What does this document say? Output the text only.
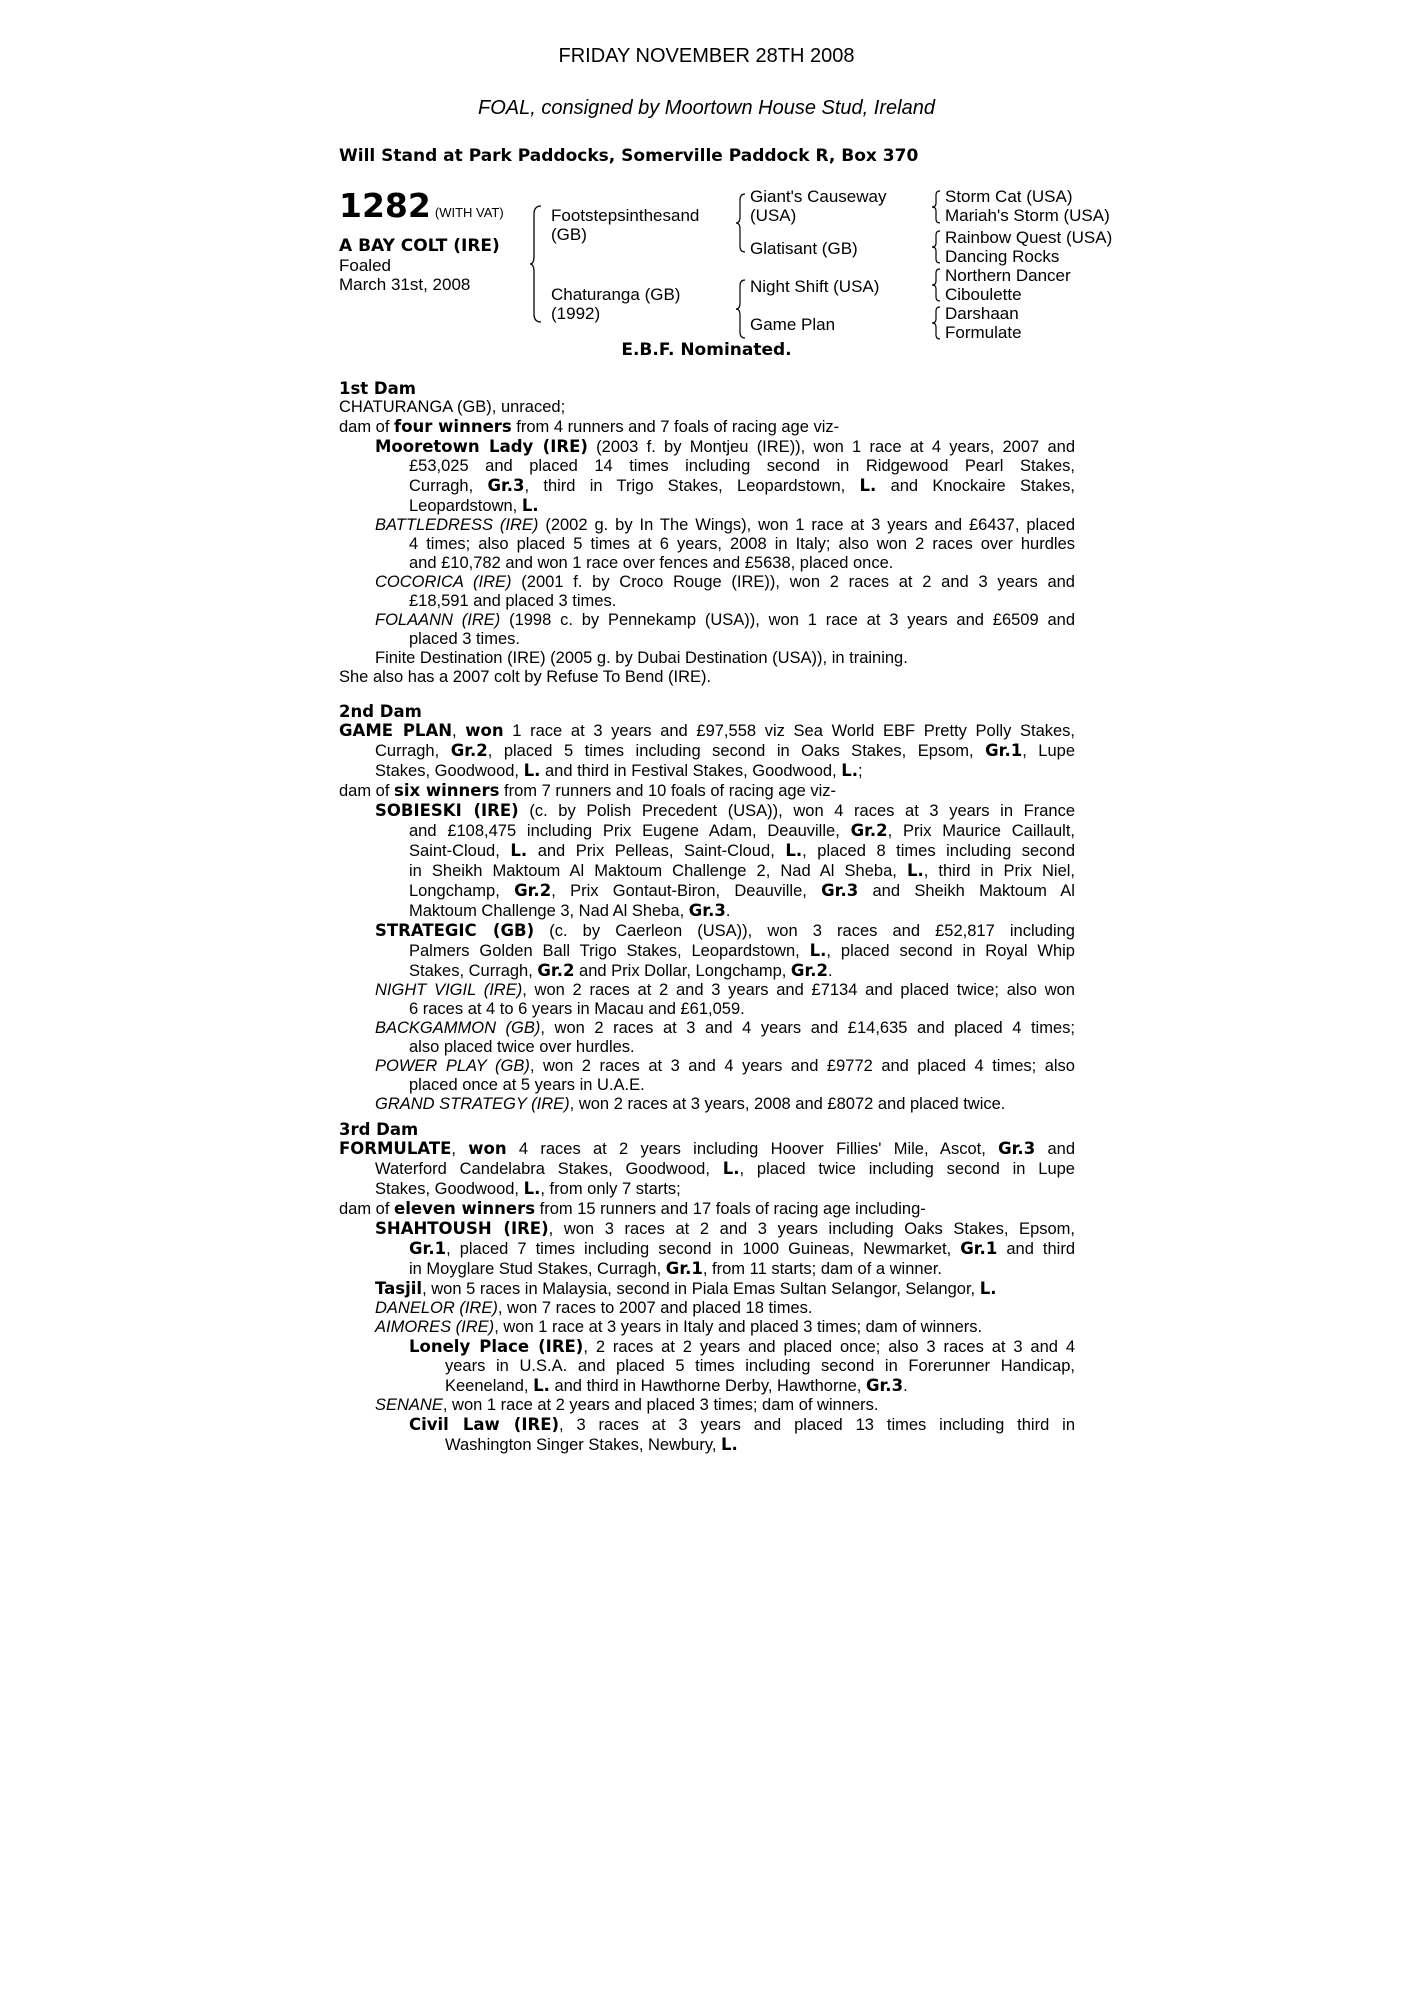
FRIDAY NOVEMBER 28TH 2008
FOAL, consigned by Moortown House Stud, Ireland
Will Stand at Park Paddocks, Somerville Paddock R, Box 370
1282 (WITH VAT)
A BAY COLT (IRE)
Foaled
March 31st, 2008
Footstepsinthesand
(GB)
Chaturanga (GB)
(1992)
Giant's Causeway
(USA)
Glatisant (GB)
Night Shift (USA)
Game Plan
Storm Cat (USA)
Mariah's Storm (USA)
Rainbow Quest (USA)
Dancing Rocks
Northern Dancer
Ciboulette
Darshaan
Formulate
E.B.F. Nominated.
1st Dam
CHATURANGA (GB), unraced;
dam of four winners from 4 runners and 7 foals of racing age viz-
Mooretown Lady (IRE) (2003 f. by Montjeu (IRE)), won 1 race at 4 years, 2007 and
£53,025 and placed 14 times including second in Ridgewood Pearl Stakes,
Curragh, Gr.3, third in Trigo Stakes, Leopardstown, L. and Knockaire Stakes,
Leopardstown, L.
BATTLEDRESS (IRE) (2002 g. by In The Wings), won 1 race at 3 years and £6437, placed
4 times; also placed 5 times at 6 years, 2008 in Italy; also won 2 races over hurdles
and £10,782 and won 1 race over fences and £5638, placed once.
COCORICA (IRE) (2001 f. by Croco Rouge (IRE)), won 2 races at 2 and 3 years and
£18,591 and placed 3 times.
FOLAANN (IRE) (1998 c. by Pennekamp (USA)), won 1 race at 3 years and £6509 and
placed 3 times.
Finite Destination (IRE) (2005 g. by Dubai Destination (USA)), in training.
She also has a 2007 colt by Refuse To Bend (IRE).
2nd Dam
GAME PLAN, won 1 race at 3 years and £97,558 viz Sea World EBF Pretty Polly Stakes,
Curragh, Gr.2, placed 5 times including second in Oaks Stakes, Epsom, Gr.1, Lupe
Stakes, Goodwood, L. and third in Festival Stakes, Goodwood, L.;
dam of six winners from 7 runners and 10 foals of racing age viz-
SOBIESKI (IRE) (c. by Polish Precedent (USA)), won 4 races at 3 years in France
and £108,475 including Prix Eugene Adam, Deauville, Gr.2, Prix Maurice Caillault,
Saint-Cloud, L. and Prix Pelleas, Saint-Cloud, L., placed 8 times including second
in Sheikh Maktoum Al Maktoum Challenge 2, Nad Al Sheba, L., third in Prix Niel,
Longchamp, Gr.2, Prix Gontaut-Biron, Deauville, Gr.3 and Sheikh Maktoum Al
Maktoum Challenge 3, Nad Al Sheba, Gr.3.
STRATEGIC (GB) (c. by Caerleon (USA)), won 3 races and £52,817 including
Palmers Golden Ball Trigo Stakes, Leopardstown, L., placed second in Royal Whip
Stakes, Curragh, Gr.2 and Prix Dollar, Longchamp, Gr.2.
NIGHT VIGIL (IRE), won 2 races at 2 and 3 years and £7134 and placed twice; also won
6 races at 4 to 6 years in Macau and £61,059.
BACKGAMMON (GB), won 2 races at 3 and 4 years and £14,635 and placed 4 times;
also placed twice over hurdles.
POWER PLAY (GB), won 2 races at 3 and 4 years and £9772 and placed 4 times; also
placed once at 5 years in U.A.E.
GRAND STRATEGY (IRE), won 2 races at 3 years, 2008 and £8072 and placed twice.
3rd Dam
FORMULATE, won 4 races at 2 years including Hoover Fillies' Mile, Ascot, Gr.3 and
Waterford Candelabra Stakes, Goodwood, L., placed twice including second in Lupe
Stakes, Goodwood, L., from only 7 starts;
dam of eleven winners from 15 runners and 17 foals of racing age including-
SHAHTOUSH (IRE), won 3 races at 2 and 3 years including Oaks Stakes, Epsom,
Gr.1, placed 7 times including second in 1000 Guineas, Newmarket, Gr.1 and third
in Moyglare Stud Stakes, Curragh, Gr.1, from 11 starts; dam of a winner.
Tasjil, won 5 races in Malaysia, second in Piala Emas Sultan Selangor, Selangor, L.
DANELOR (IRE), won 7 races to 2007 and placed 18 times.
AIMORES (IRE), won 1 race at 3 years in Italy and placed 3 times; dam of winners.
Lonely Place (IRE), 2 races at 2 years and placed once; also 3 races at 3 and 4
years in U.S.A. and placed 5 times including second in Forerunner Handicap,
Keeneland, L. and third in Hawthorne Derby, Hawthorne, Gr.3.
SENANE, won 1 race at 2 years and placed 3 times; dam of winners.
Civil Law (IRE), 3 races at 3 years and placed 13 times including third in
Washington Singer Stakes, Newbury, L.
